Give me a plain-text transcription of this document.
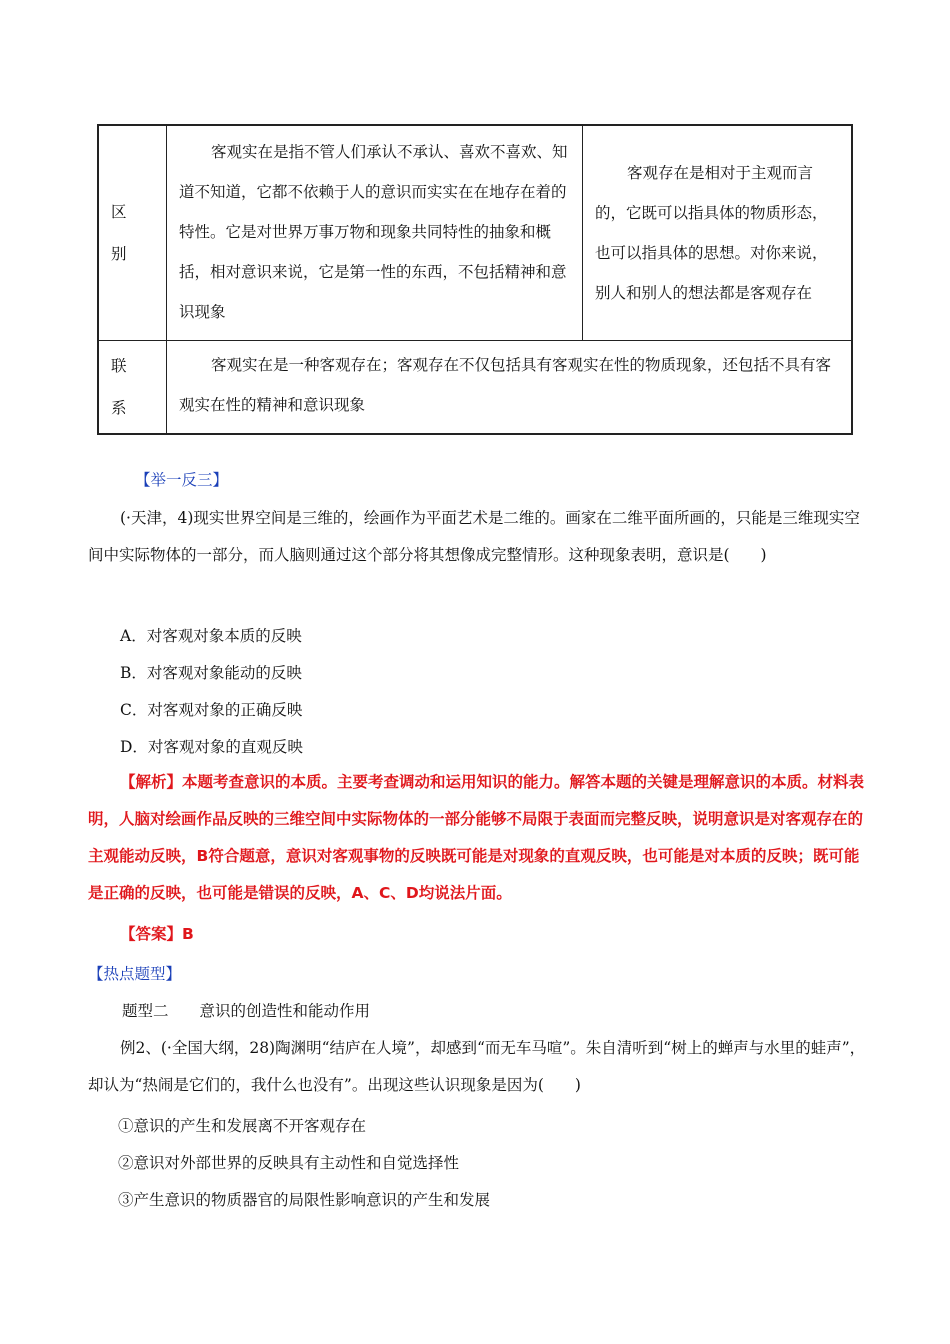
区 别	客观实在是指不管人们承认不承认、喜欢不喜欢、知道不知道，它都不依赖于人的意识而实实在在地存在着的特性。它是对世界万事万物和现象共同特性的抽象和概括，相对意识来说，它是第一性的东西，不包括精神和意识现象	客观存在是相对于主观而言的，它既可以指具体的物质形态，也可以指具体的思想。对你来说，别人和别人的想法都是客观存在

联 系	客观实在是一种客观存在；客观存在不仅包括具有客观实在性的物质现象，还包括不具有客观实在性的精神和意识现象	

【举一反三】

(·天津，4)现实世界空间是三维的，绘画作为平面艺术是二维的。画家在二维平面所画的，只能是三维现实空间中实际物体的一部分，而人脑则通过这个部分将其想像成完整情形。这种现象表明，意识是(　　)

A．对客观对象本质的反映

B．对客观对象能动的反映

C．对客观对象的正确反映

D．对客观对象的直观反映

【解析】本题考查意识的本质。主要考查调动和运用知识的能力。解答本题的关键是理解意识的本质。材料表明，人脑对绘画作品反映的三维空间中实际物体的一部分能够不局限于表面而完整反映，说明意识是对客观存在的主观能动反映，B符合题意，意识对客观事物的反映既可能是对现象的直观反映，也可能是对本质的反映；既可能是正确的反映，也可能是错误的反映，A、C、D均说法片面。

【答案】B

【热点题型】

题型二　　意识的创造性和能动作用

例2、(·全国大纲，28)陶渊明“结庐在人境”，却感到“而无车马喧”。朱自清听到“树上的蝉声与水里的蛙声”，却认为“热闹是它们的，我什么也没有”。出现这些认识现象是因为(　　)

①意识的产生和发展离不开客观存在

②意识对外部世界的反映具有主动性和自觉选择性

③产生意识的物质器官的局限性影响意识的产生和发展
